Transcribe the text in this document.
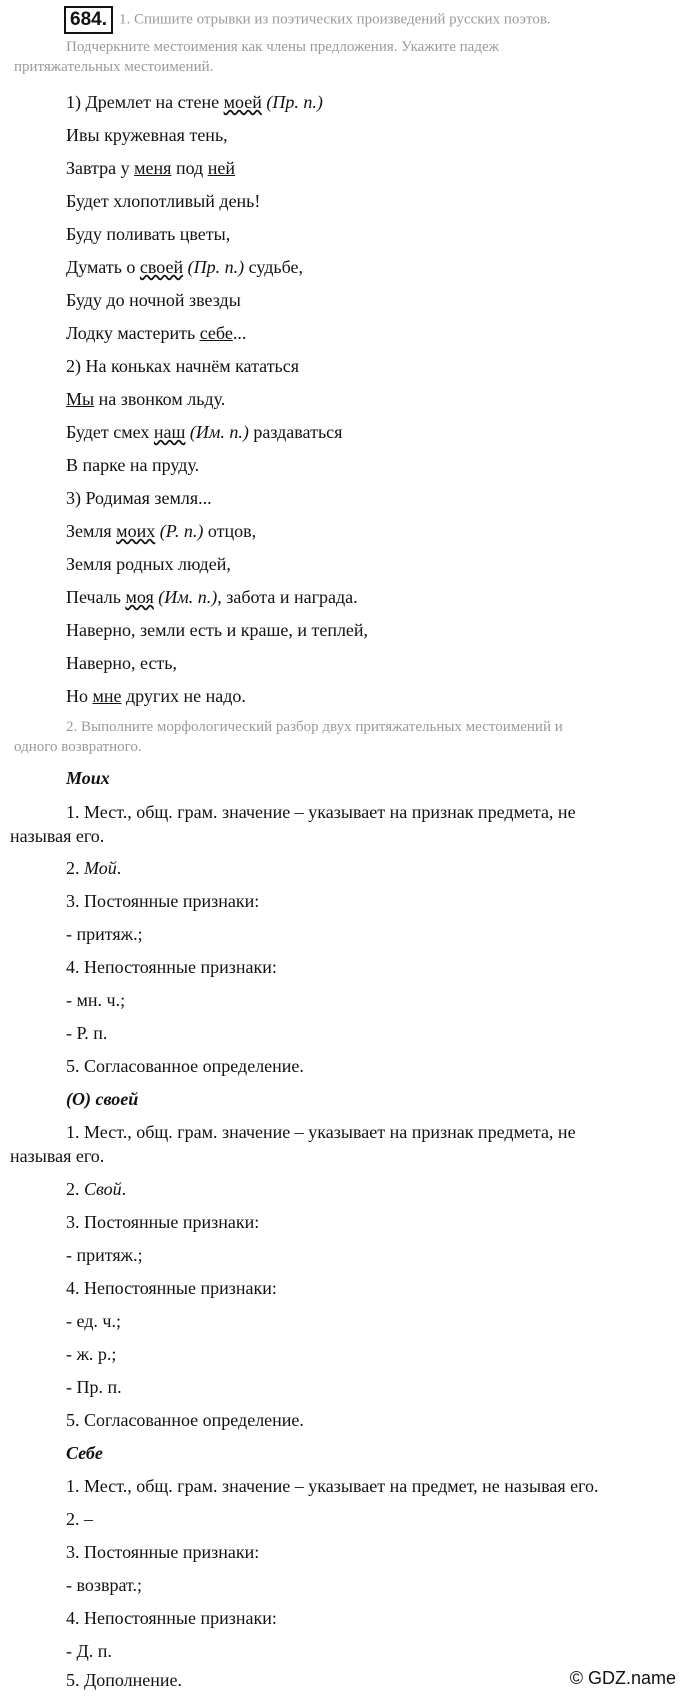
684. 1. Спишите отрывки из поэтических произведений русских поэтов.
Подчеркните местоимения как члены предложения. Укажите падеж
притяжательных местоимений.
1) Дремлет на стене моей (Пр. п.)
Ивы кружевная тень,
Завтра у меня под ней
Будет хлопотливый день!
Буду поливать цветы,
Думать о своей (Пр. п.) судьбе,
Буду до ночной звезды
Лодку мастерить себе...
2) На коньках начнём кататься
Мы на звонком льду.
Будет смех наш (Им. п.) раздаваться
В парке на пруду.
3) Родимая земля...
Земля моих (Р. п.) отцов,
Земля родных людей,
Печаль моя (Им. п.), забота и награда.
Наверно, земли есть и краше, и теплей,
Наверно, есть,
Но мне других не надо.
2. Выполните морфологический разбор двух притяжательных местоимений и
одного возвратного.
Моих
1. Мест., общ. грам. значение – указывает на признак предмета, не
называя его.
2. Мой.
3. Постоянные признаки:
- притяж.;
4. Непостоянные признаки:
- мн. ч.;
- Р. п.
5. Согласованное определение.
(О) своей
1. Мест., общ. грам. значение – указывает на признак предмета, не
называя его.
2. Свой.
3. Постоянные признаки:
- притяж.;
4. Непостоянные признаки:
- ед. ч.;
- ж. р.;
- Пр. п.
5. Согласованное определение.
Себе
1. Мест., общ. грам. значение – указывает на предмет, не называя его.
2. –
3. Постоянные признаки:
- возврат.;
4. Непостоянные признаки:
- Д. п.
5. Дополнение.	© GDZ.name
